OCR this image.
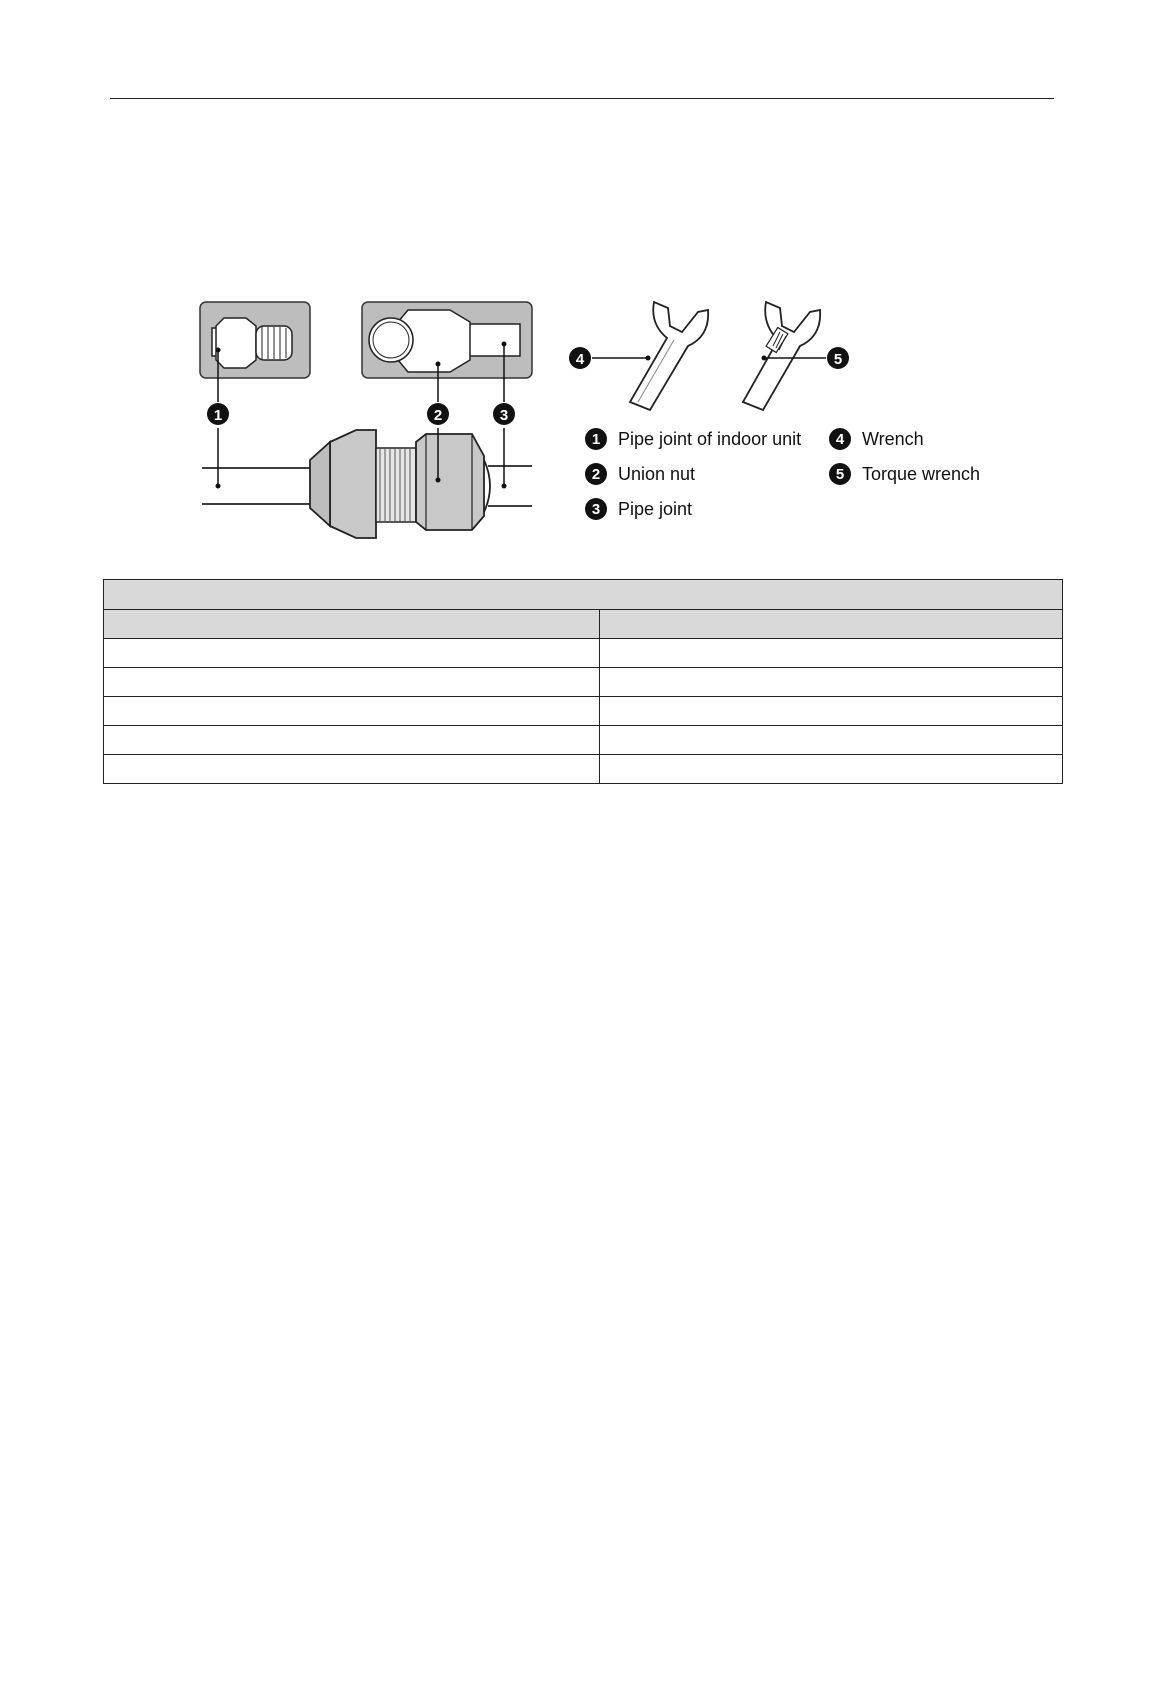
1	2	3
4	5
1 Pipe joint of indoor unit
2 Union nut
3 Pipe joint
4 Wrench
5 Torque wrench
